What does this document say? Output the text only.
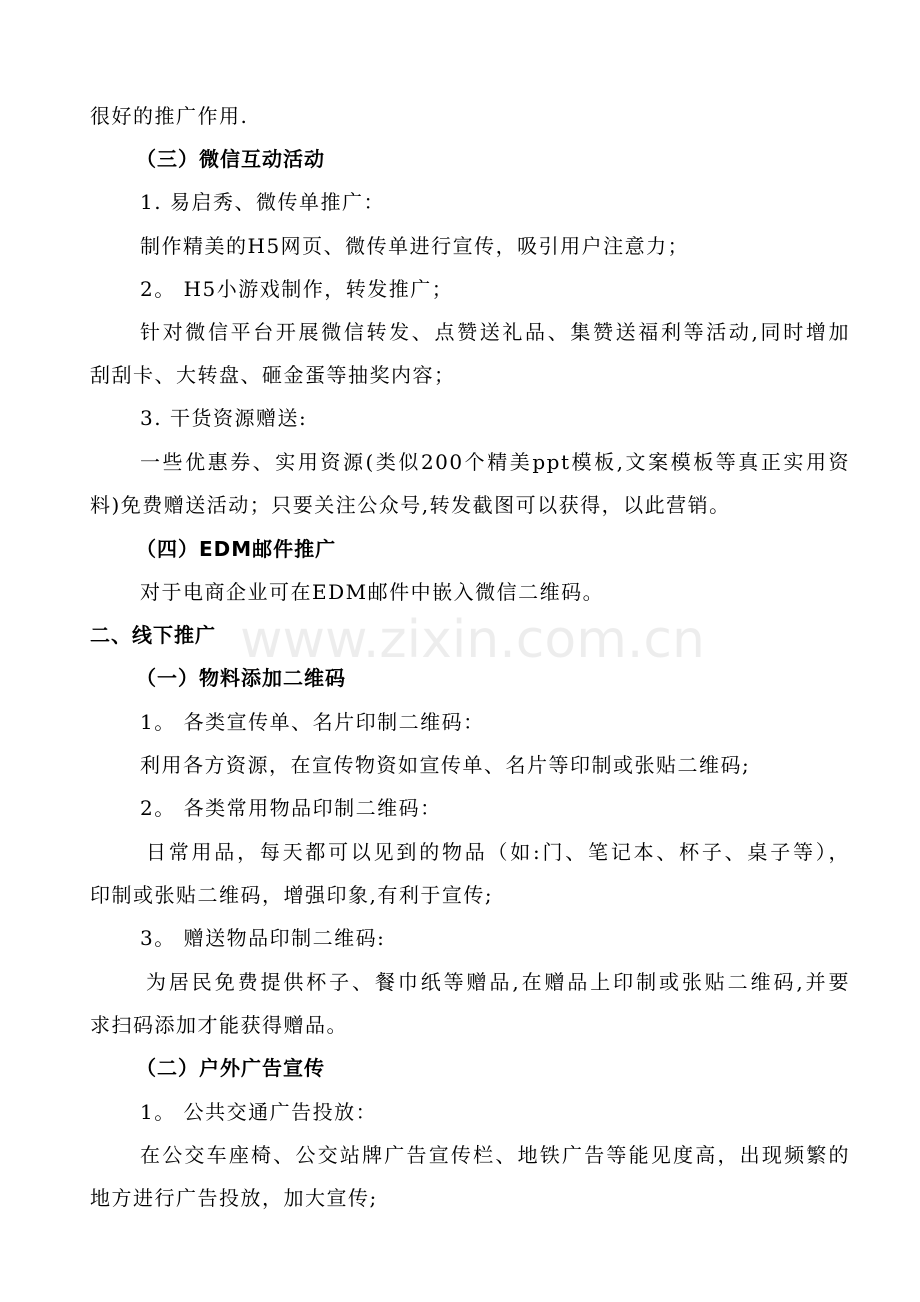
很好的推广作用.
（三）微信互动活动
1. 易启秀、微传单推广：
制作精美的H5网页、微传单进行宣传，吸引用户注意力；
2。 H5小游戏制作，转发推广；
针对微信平台开展微信转发、点赞送礼品、集赞送福利等活动,同时增加
刮刮卡、大转盘、砸金蛋等抽奖内容；
3. 干货资源赠送:
一些优惠券、实用资源(类似200个精美ppt模板,文案模板等真正实用资
料)免费赠送活动；只要关注公众号,转发截图可以获得，以此营销。
（四）EDM邮件推广
对于电商企业可在EDM邮件中嵌入微信二维码。
二、线下推广
（一）物料添加二维码
1。 各类宣传单、名片印制二维码：
利用各方资源，在宣传物资如宣传单、名片等印制或张贴二维码;
2。 各类常用物品印制二维码：
日常用品，每天都可以见到的物品（如:门、笔记本、杯子、桌子等），
印制或张贴二维码，增强印象,有利于宣传;
3。 赠送物品印制二维码:
为居民免费提供杯子、餐巾纸等赠品,在赠品上印制或张贴二维码,并要
求扫码添加才能获得赠品。
（二）户外广告宣传
1。 公共交通广告投放：
在公交车座椅、公交站牌广告宣传栏、地铁广告等能见度高，出现频繁的
地方进行广告投放，加大宣传;
www.zixin.com.cn
